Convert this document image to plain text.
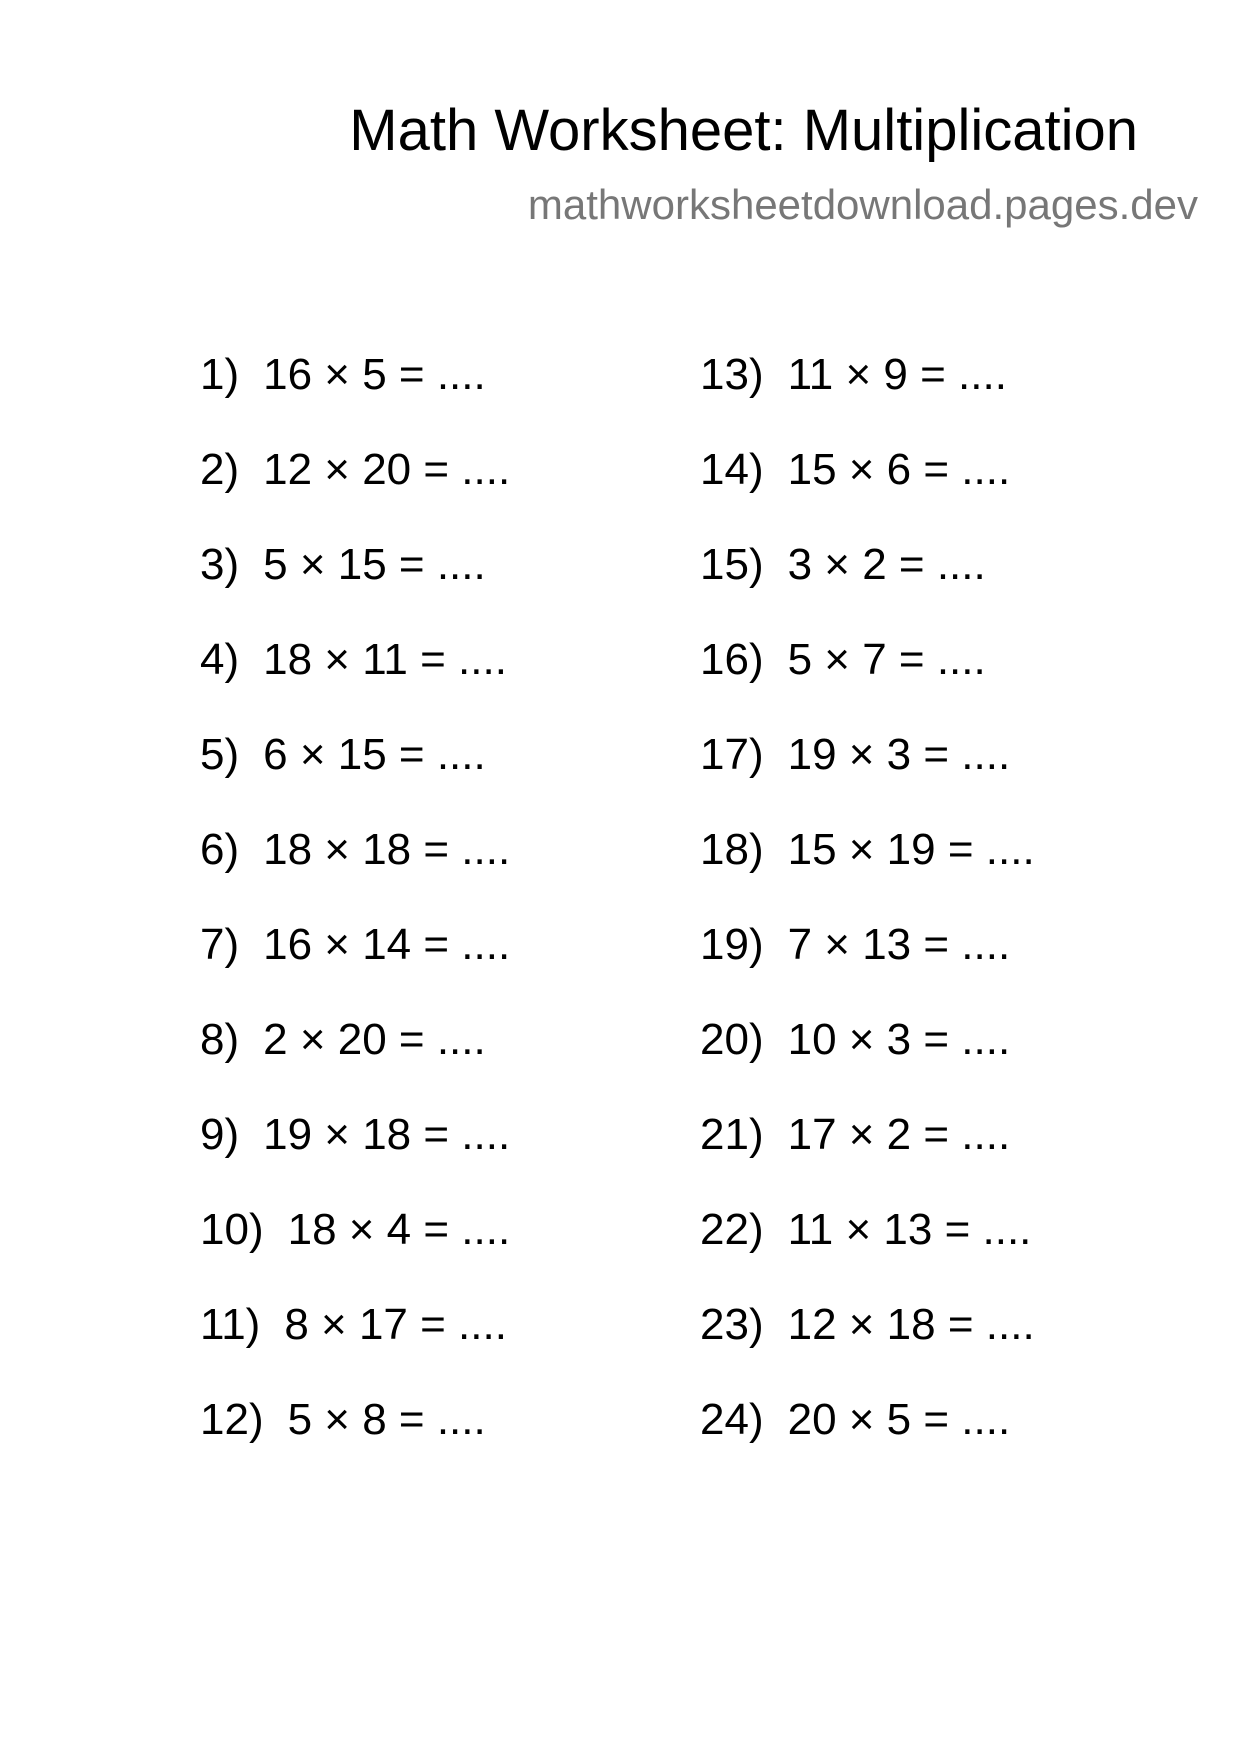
Math Worksheet: Multiplication
mathworksheetdownload.pages.dev
1) 16 × 5 = ....
2) 12 × 20 = ....
3) 5 × 15 = ....
4) 18 × 11 = ....
5) 6 × 15 = ....
6) 18 × 18 = ....
7) 16 × 14 = ....
8) 2 × 20 = ....
9) 19 × 18 = ....
10) 18 × 4 = ....
11) 8 × 17 = ....
12) 5 × 8 = ....
13) 11 × 9 = ....
14) 15 × 6 = ....
15) 3 × 2 = ....
16) 5 × 7 = ....
17) 19 × 3 = ....
18) 15 × 19 = ....
19) 7 × 13 = ....
20) 10 × 3 = ....
21) 17 × 2 = ....
22) 11 × 13 = ....
23) 12 × 18 = ....
24) 20 × 5 = ....
